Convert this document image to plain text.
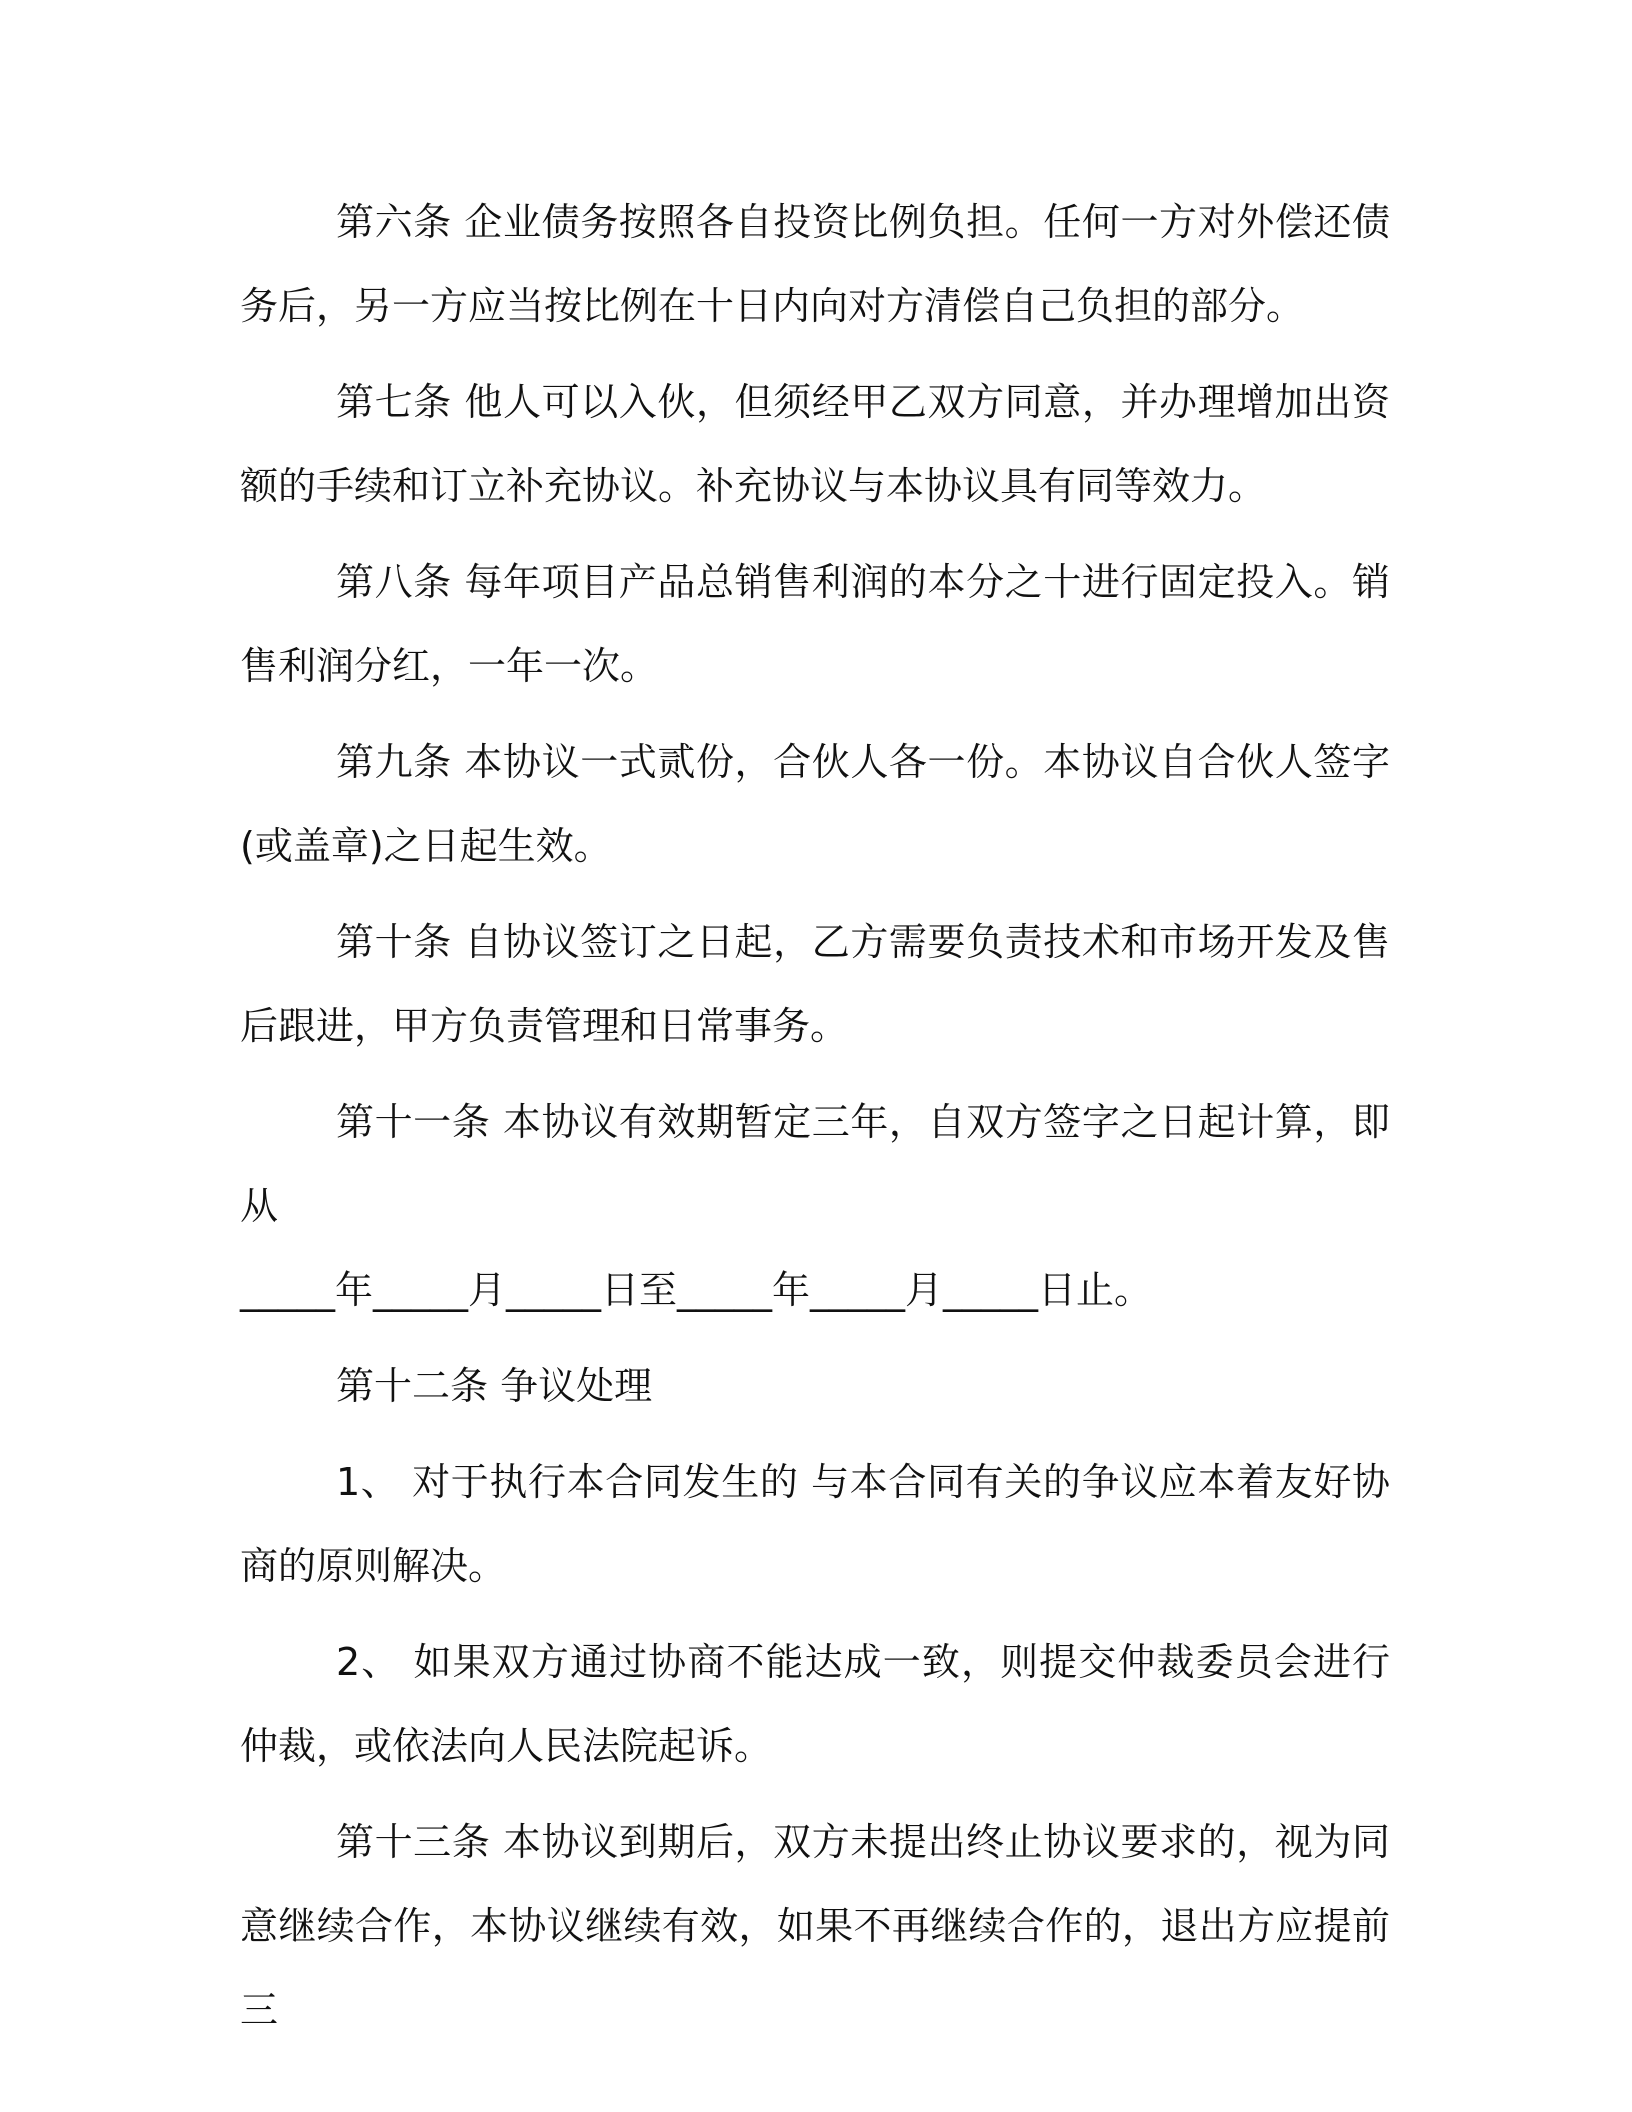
第六条 企业债务按照各自投资比例负担。任何一方对外偿还债务后，另一方应当按比例在十日内向对方清偿自己负担的部分。

第七条 他人可以入伙，但须经甲乙双方同意，并办理增加出资额的手续和订立补充协议。补充协议与本协议具有同等效力。

第八条 每年项目产品总销售利润的本分之十进行固定投入。销售利润分红，一年一次。

第九条 本协议一式贰份，合伙人各一份。本协议自合伙人签字(或盖章)之日起生效。

第十条 自协议签订之日起，乙方需要负责技术和市场开发及售后跟进，甲方负责管理和日常事务。

第十一条 本协议有效期暂定三年，自双方签字之日起计算，即从

_____年_____月_____日至_____年_____月_____日止。

第十二条 争议处理

1、 对于执行本合同发生的 与本合同有关的争议应本着友好协商的原则解决。

2、 如果双方通过协商不能达成一致，则提交仲裁委员会进行仲裁，或依法向人民法院起诉。

第十三条 本协议到期后，双方未提出终止协议要求的，视为同意继续合作，本协议继续有效，如果不再继续合作的，退出方应提前三
